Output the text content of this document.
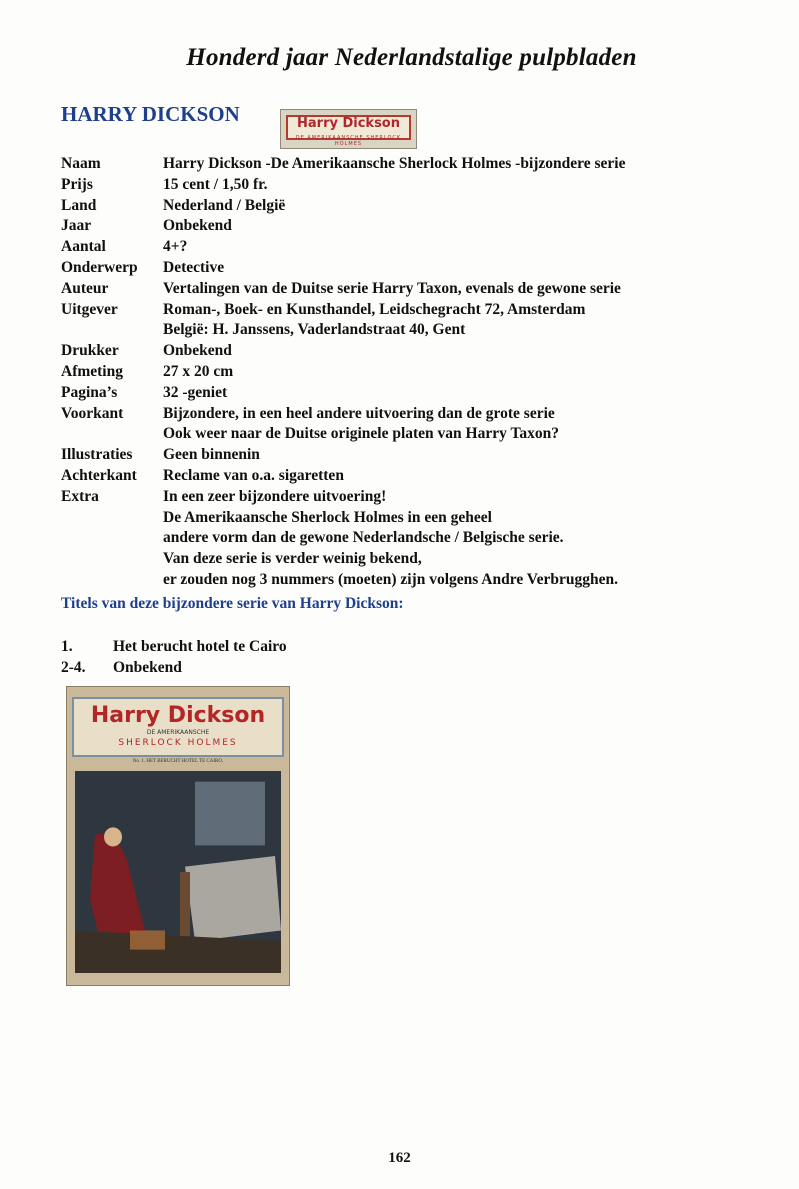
Honderd jaar Nederlandstalige pulpbladen
HARRY DICKSON	Harry Dickson
DE AMERIKAANSCHE SHERLOCK HOLMES
Naam	Harry Dickson -De Amerikaansche Sherlock Holmes -bijzondere serie
Prijs	15 cent / 1,50 fr.
Land	Nederland / België
Jaar	Onbekend
Aantal	4+?
Onderwerp	Detective
Auteur	Vertalingen van de Duitse serie Harry Taxon, evenals de gewone serie
Uitgever	Roman-, Boek- en Kunsthandel, Leidschegracht 72, Amsterdam
België: H. Janssens, Vaderlandstraat 40, Gent
Drukker	Onbekend
Afmeting	27 x 20 cm
Pagina’s	32 -geniet
Voorkant	Bijzondere, in een heel andere uitvoering dan de grote serie
Ook weer naar de Duitse originele platen van Harry Taxon?
Illustraties	Geen binnenin
Achterkant	Reclame van o.a. sigaretten
Extra	In een zeer bijzondere uitvoering!
De Amerikaansche Sherlock Holmes in een geheel
andere vorm dan de gewone Nederlandsche / Belgische serie.
Van deze serie is verder weinig bekend,
er zouden nog 3 nummers (moeten) zijn volgens Andre Verbrugghen.
Titels van deze bijzondere serie van Harry Dickson:
1.	Het berucht hotel te Cairo
2-4.	Onbekend
Harry Dickson
DE AMERIKAANSCHE
SHERLOCK HOLMES
No. 1. HET BERUCHT HOTEL TE CAIRO.
162
